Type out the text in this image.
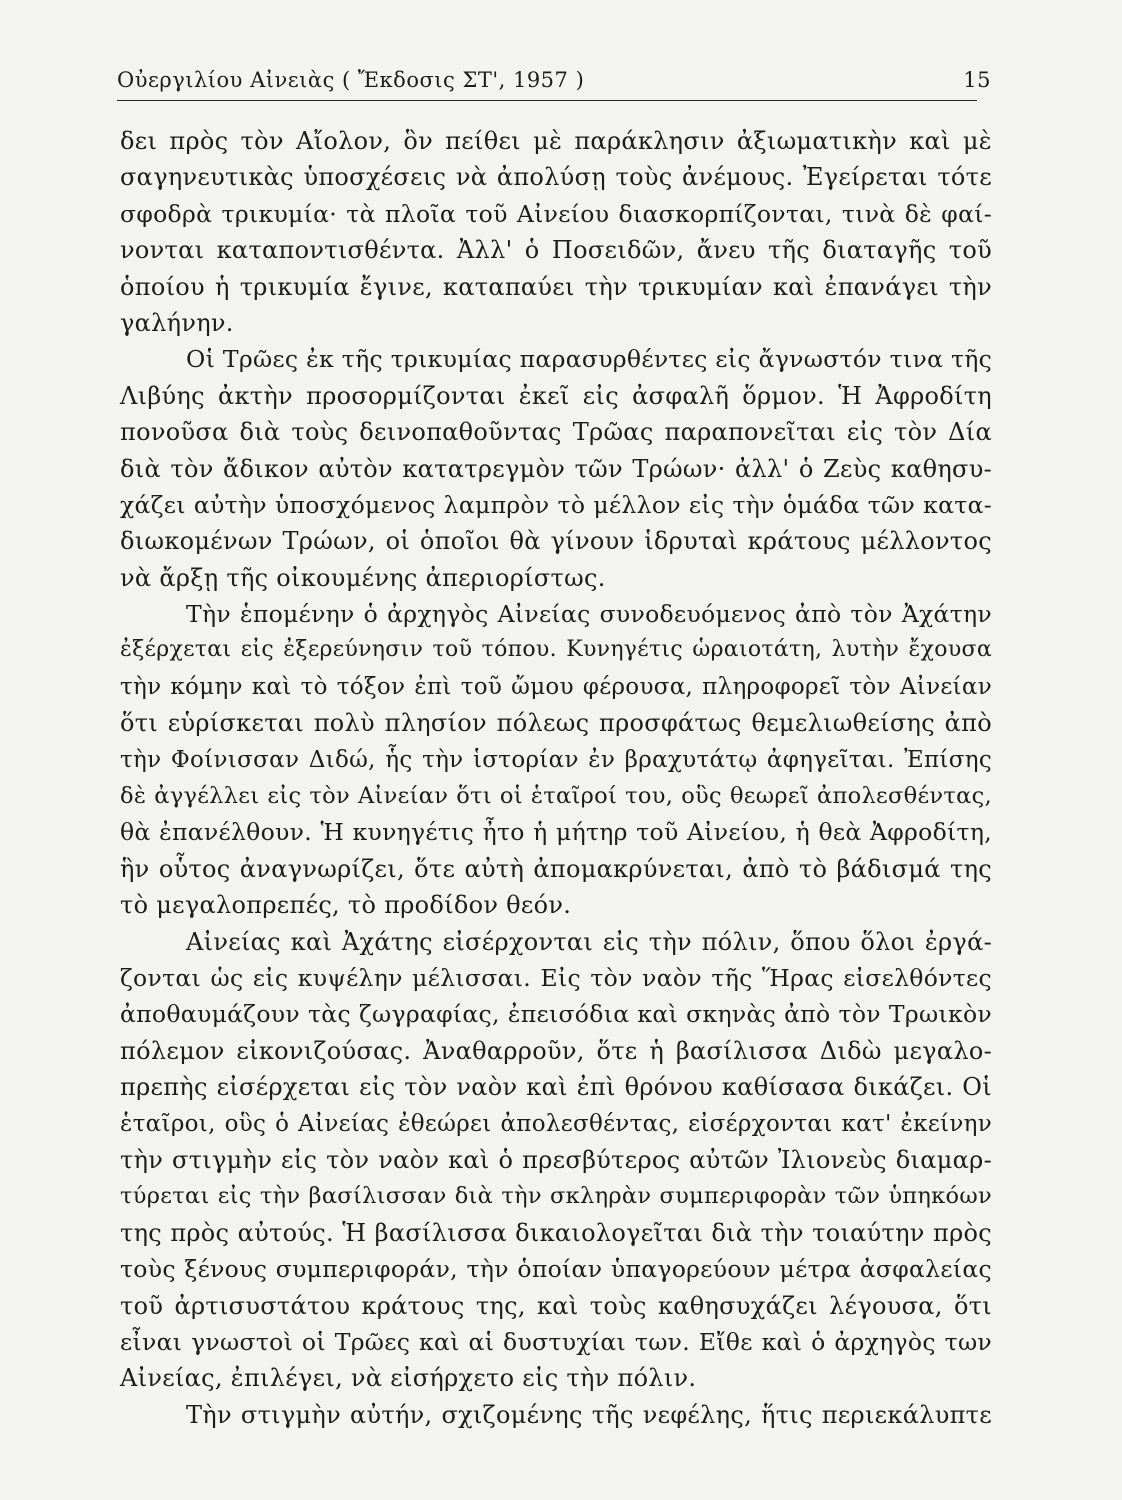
Οὐεργιλίου Αἰνειὰς ( Ἔκδοσις ΣΤ', 1957 )	15
δει πρὸς τὸν Αἴολον, ὃν πείθει μὲ παράκλησιν ἀξιωματικὴν καὶ μὲ
σαγηνευτικὰς ὑποσχέσεις νὰ ἀπολύσῃ τοὺς ἀνέμους. Ἐγείρεται τότε
σφοδρὰ τρικυμία· τὰ πλοῖα τοῦ Αἰνείου διασκορπίζονται, τινὰ δὲ φαί-
νονται καταποντισθέντα. Ἀλλ' ὁ Ποσειδῶν, ἄνευ τῆς διαταγῆς τοῦ
ὁποίου ἡ τρικυμία ἔγινε, καταπαύει τὴν τρικυμίαν καὶ ἐπανάγει τὴν
γαλήνην.
Οἱ Τρῶες ἐκ τῆς τρικυμίας παρασυρθέντες εἰς ἄγνωστόν τινα τῆς
Λιβύης ἀκτὴν προσορμίζονται ἐκεῖ εἰς ἀσφαλῆ ὅρμον. Ἡ Ἀφροδίτη
πονοῦσα διὰ τοὺς δεινοπαθοῦντας Τρῶας παραπονεῖται εἰς τὸν Δία
διὰ τὸν ἄδικον αὐτὸν κατατρεγμὸν τῶν Τρώων· ἀλλ' ὁ Ζεὺς καθησυ-
χάζει αὐτὴν ὑποσχόμενος λαμπρὸν τὸ μέλλον εἰς τὴν ὁμάδα τῶν κατα-
διωκομένων Τρώων, οἱ ὁποῖοι θὰ γίνουν ἱδρυταὶ κράτους μέλλοντος
νὰ ἄρξῃ τῆς οἰκουμένης ἀπεριορίστως.
Τὴν ἑπομένην ὁ ἀρχηγὸς Αἰνείας συνοδευόμενος ἀπὸ τὸν Ἀχάτην
ἐξέρχεται εἰς ἐξερεύνησιν τοῦ τόπου. Κυνηγέτις ὡραιοτάτη, λυτὴν ἔχουσα
τὴν κόμην καὶ τὸ τόξον ἐπὶ τοῦ ὤμου φέρουσα, πληροφορεῖ τὸν Αἰνείαν
ὅτι εὑρίσκεται πολὺ πλησίον πόλεως προσφάτως θεμελιωθείσης ἀπὸ
τὴν Φοίνισσαν Διδώ, ἧς τὴν ἱστορίαν ἐν βραχυτάτῳ ἀφηγεῖται. Ἐπίσης
δὲ ἀγγέλλει εἰς τὸν Αἰνείαν ὅτι οἱ ἑταῖροί του, οὓς θεωρεῖ ἀπολεσθέντας,
θὰ ἐπανέλθουν. Ἡ κυνηγέτις ἦτο ἡ μήτηρ τοῦ Αἰνείου, ἡ θεὰ Ἀφροδίτη,
ἣν οὗτος ἀναγνωρίζει, ὅτε αὐτὴ ἀπομακρύνεται, ἀπὸ τὸ βάδισμά της
τὸ μεγαλοπρεπές, τὸ προδίδον θεόν.
Αἰνείας καὶ Ἀχάτης εἰσέρχονται εἰς τὴν πόλιν, ὅπου ὅλοι ἐργά-
ζονται ὡς εἰς κυψέλην μέλισσαι. Εἰς τὸν ναὸν τῆς Ἥρας εἰσελθόντες
ἀποθαυμάζουν τὰς ζωγραφίας, ἐπεισόδια καὶ σκηνὰς ἀπὸ τὸν Τρωικὸν
πόλεμον εἰκονιζούσας. Ἀναθαρροῦν, ὅτε ἡ βασίλισσα Διδὼ μεγαλο-
πρεπὴς εἰσέρχεται εἰς τὸν ναὸν καὶ ἐπὶ θρόνου καθίσασα δικάζει. Οἱ
ἑταῖροι, οὓς ὁ Αἰνείας ἐθεώρει ἀπολεσθέντας, εἰσέρχονται κατ' ἐκείνην
τὴν στιγμὴν εἰς τὸν ναὸν καὶ ὁ πρεσβύτερος αὐτῶν Ἰλιονεὺς διαμαρ-
τύρεται εἰς τὴν βασίλισσαν διὰ τὴν σκληρὰν συμπεριφορὰν τῶν ὑπηκόων
της πρὸς αὐτούς. Ἡ βασίλισσα δικαιολογεῖται διὰ τὴν τοιαύτην πρὸς
τοὺς ξένους συμπεριφοράν, τὴν ὁποίαν ὑπαγορεύουν μέτρα ἀσφαλείας
τοῦ ἀρτισυστάτου κράτους της, καὶ τοὺς καθησυχάζει λέγουσα, ὅτι
εἶναι γνωστοὶ οἱ Τρῶες καὶ αἱ δυστυχίαι των. Εἴθε καὶ ὁ ἀρχηγὸς των
Αἰνείας, ἐπιλέγει, νὰ εἰσήρχετο εἰς τὴν πόλιν.
Τὴν στιγμὴν αὐτήν, σχιζομένης τῆς νεφέλης, ἥτις περιεκάλυπτε
